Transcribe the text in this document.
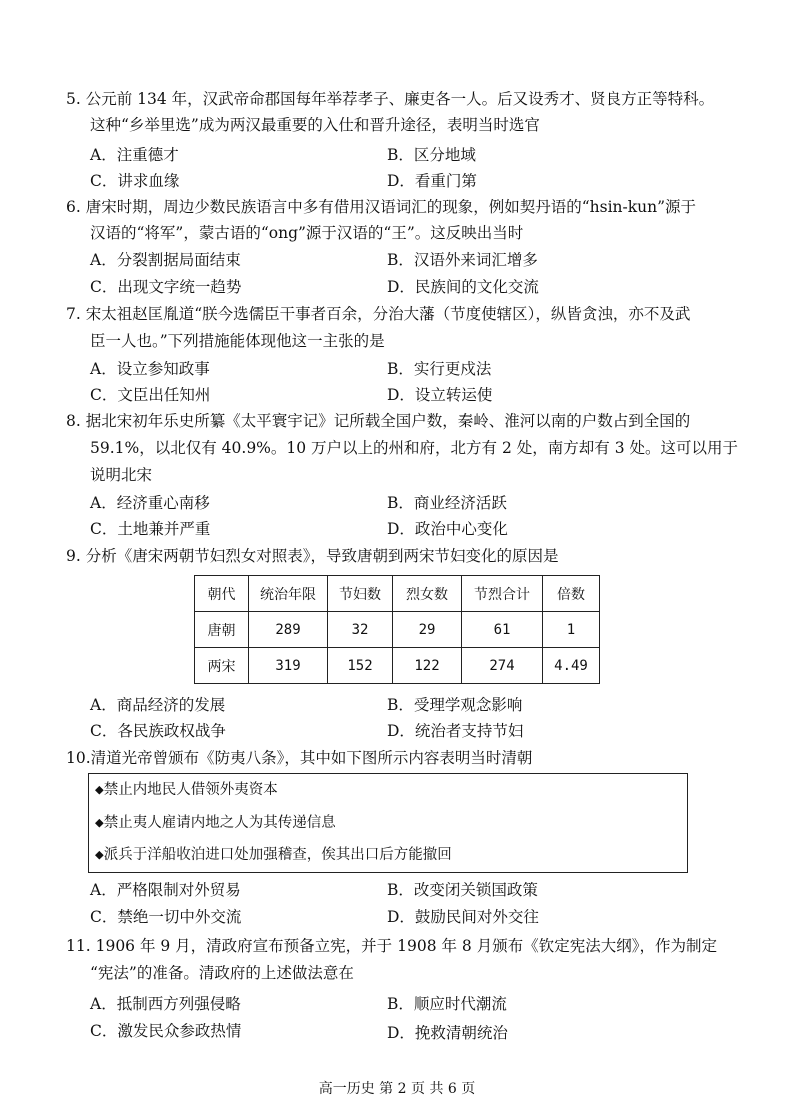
5. 公元前 134 年，汉武帝命郡国每年举荐孝子、廉吏各一人。后又设秀才、贤良方正等特科。
这种“乡举里选”成为两汉最重要的入仕和晋升途径，表明当时选官
A．注重德才	B．区分地域
C．讲求血缘	D．看重门第
6. 唐宋时期，周边少数民族语言中多有借用汉语词汇的现象，例如契丹语的“hsin-kun”源于
汉语的“将军”，蒙古语的“ong”源于汉语的“王”。这反映出当时
A．分裂割据局面结束	B．汉语外来词汇增多
C．出现文字统一趋势	D．民族间的文化交流
7. 宋太祖赵匡胤道“朕今选儒臣干事者百余，分治大藩（节度使辖区），纵皆贪浊，亦不及武
臣一人也。”下列措施能体现他这一主张的是
A．设立参知政事	B．实行更戍法
C．文臣出任知州	D．设立转运使
8. 据北宋初年乐史所纂《太平寰宇记》记所载全国户数，秦岭、淮河以南的户数占到全国的
59.1%，以北仅有 40.9%。10 万户以上的州和府，北方有 2 处，南方却有 3 处。这可以用于
说明北宋
A．经济重心南移	B．商业经济活跃
C．土地兼并严重	D．政治中心变化
9. 分析《唐宋两朝节妇烈女对照表》，导致唐朝到两宋节妇变化的原因是
朝代	统治年限	节妇数	烈女数	节烈合计	倍数
唐朝	289	32	29	61	1
两宋	319	152	122	274	4.49
A．商品经济的发展	B．受理学观念影响
C．各民族政权战争	D．统治者支持节妇
10.清道光帝曾颁布《防夷八条》，其中如下图所示内容表明当时清朝
◆禁止内地民人借领外夷资本
◆禁止夷人雇请内地之人为其传递信息
◆派兵于洋船收泊进口处加强稽查，俟其出口后方能撤回
A．严格限制对外贸易	B．改变闭关锁国政策
C．禁绝一切中外交流	D．鼓励民间对外交往
11. 1906 年 9 月，清政府宣布预备立宪，并于 1908 年 8 月颁布《钦定宪法大纲》，作为制定
“宪法”的准备。清政府的上述做法意在
A．抵制西方列强侵略	B．顺应时代潮流
C．激发民众参政热情	D．挽救清朝统治
高一历史 第 2 页 共 6 页
